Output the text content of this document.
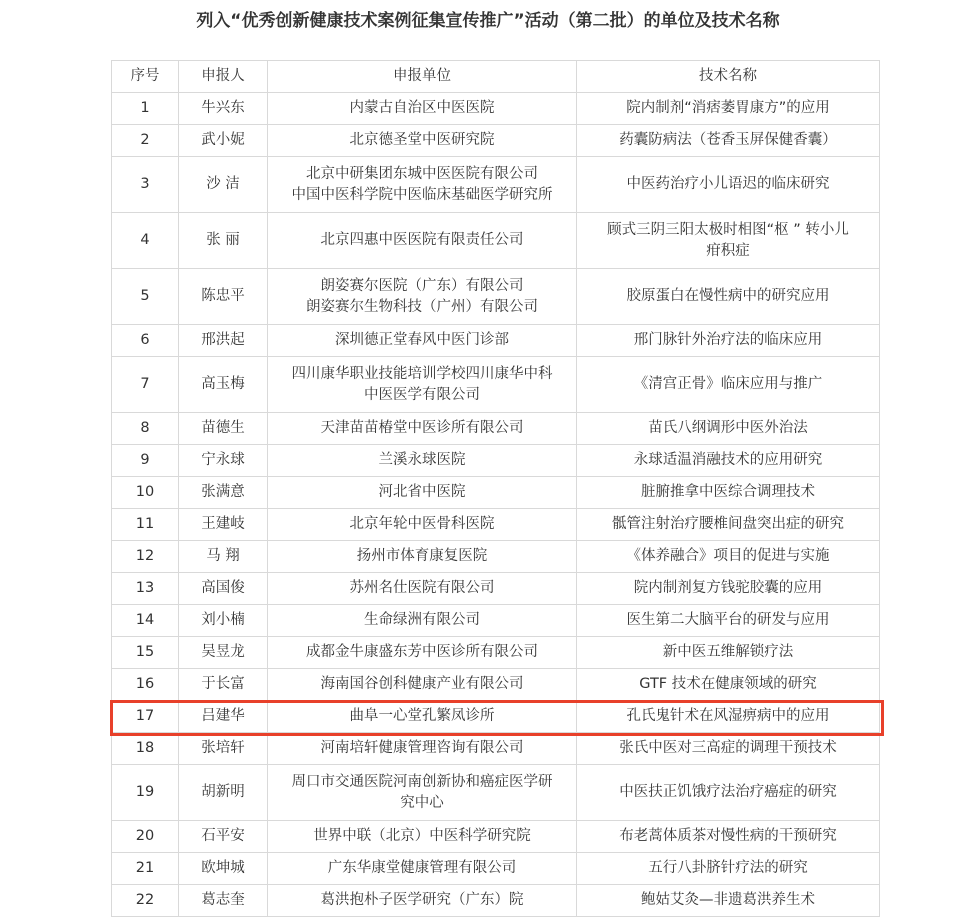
列入“优秀创新健康技术案例征集宣传推广”活动（第二批）的单位及技术名称
序号	申报人	申报单位	技术名称
1	牛兴东	内蒙古自治区中医医院	院内制剂“消痞萎胃康方”的应用

2	武小妮	北京德圣堂中医研究院	药囊防病法（苍香玉屏保健香囊）

3	沙 洁	北京中研集团东城中医医院有限公司
中国中医科学院中医临床基础医学研究所	中医药治疗小儿语迟的临床研究

4	张 丽	北京四惠中医医院有限责任公司	顾式三阴三阳太极时相图“枢 ” 转小儿
疳积症

5	陈忠平	朗姿赛尔医院（广东）有限公司
朗姿赛尔生物科技（广州）有限公司	胶原蛋白在慢性病中的研究应用

6	邢洪起	深圳德正堂春风中医门诊部	邢门脉针外治疗法的临床应用

7	高玉梅	四川康华职业技能培训学校四川康华中科
中医医学有限公司	《清宫正骨》临床应用与推广

8	苗德生	天津苗苗椿堂中医诊所有限公司	苗氏八纲调形中医外治法

9	宁永球	兰溪永球医院	永球适温消融技术的应用研究

10	张满意	河北省中医院	脏腑推拿中医综合调理技术

11	王建岐	北京年轮中医骨科医院	骶管注射治疗腰椎间盘突出症的研究

12	马 翔	扬州市体育康复医院	《体养融合》项目的促进与实施

13	高国俊	苏州名仕医院有限公司	院内制剂复方钱驼胶囊的应用

14	刘小楠	生命绿洲有限公司	医生第二大脑平台的研发与应用

15	吴昱龙	成都金牛康盛东芳中医诊所有限公司	新中医五维解锁疗法

16	于长富	海南国谷创科健康产业有限公司	GTF 技术在健康领域的研究

17	吕建华	曲阜一心堂孔繁凤诊所	孔氏鬼针术在风湿痹病中的应用

18	张培轩	河南培轩健康管理咨询有限公司	张氏中医对三高症的调理干预技术

19	胡新明	周口市交通医院河南创新协和癌症医学研
究中心	中医扶正饥饿疗法治疗癌症的研究

20	石平安	世界中联（北京）中医科学研究院	布老蒿体质茶对慢性病的干预研究

21	欧坤城	广东华康堂健康管理有限公司	五行八卦脐针疗法的研究

22	葛志奎	葛洪抱朴子医学研究（广东）院	鲍姑艾灸—非遗葛洪养生术
